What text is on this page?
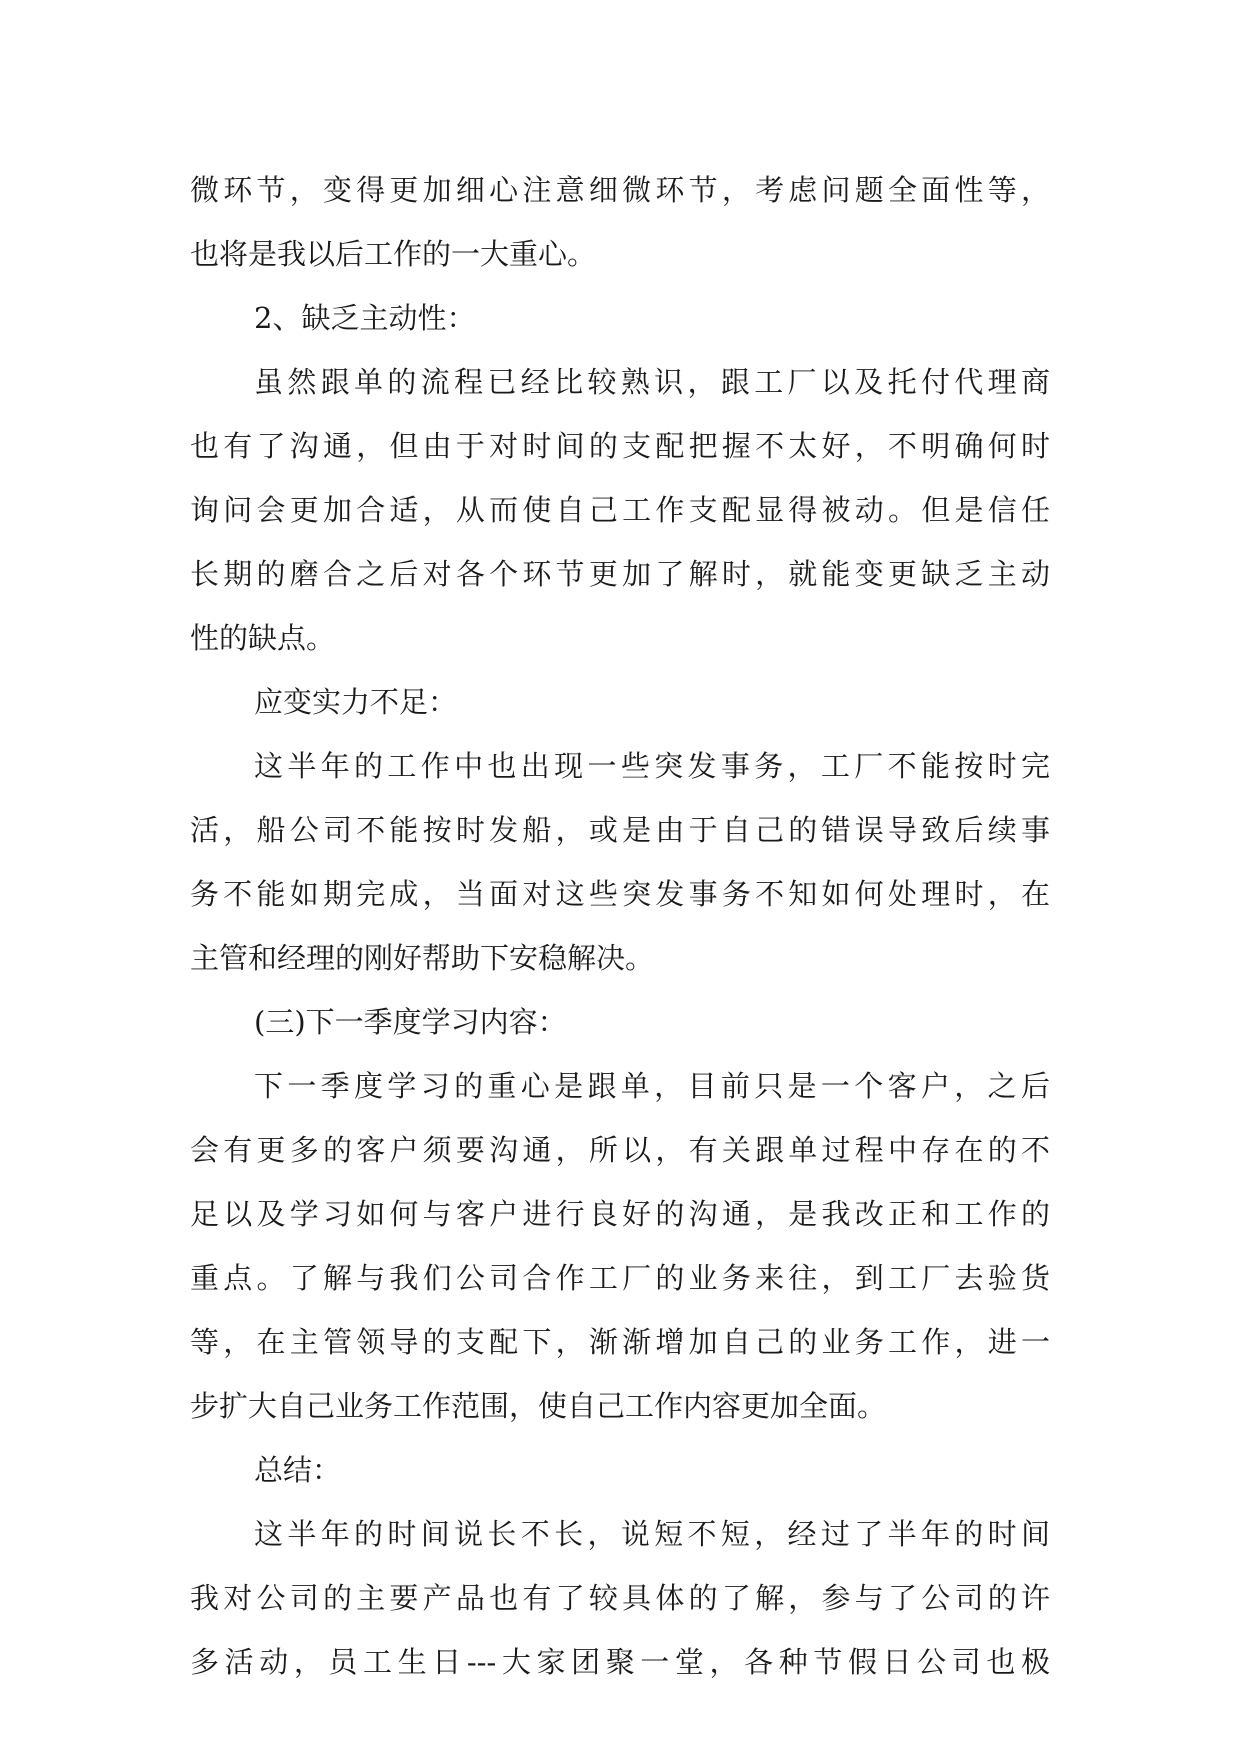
微环节，变得更加细心注意细微环节，考虑问题全面性等，
也将是我以后工作的一大重心。
2、缺乏主动性：
虽然跟单的流程已经比较熟识，跟工厂以及托付代理商
也有了沟通，但由于对时间的支配把握不太好，不明确何时
询问会更加合适，从而使自己工作支配显得被动。但是信任
长期的磨合之后对各个环节更加了解时，就能变更缺乏主动
性的缺点。
应变实力不足：
这半年的工作中也出现一些突发事务，工厂不能按时完
活，船公司不能按时发船，或是由于自己的错误导致后续事
务不能如期完成，当面对这些突发事务不知如何处理时，在
主管和经理的刚好帮助下安稳解决。
(三)下一季度学习内容：
下一季度学习的重心是跟单，目前只是一个客户，之后
会有更多的客户须要沟通，所以，有关跟单过程中存在的不
足以及学习如何与客户进行良好的沟通，是我改正和工作的
重点。了解与我们公司合作工厂的业务来往，到工厂去验货
等，在主管领导的支配下，渐渐增加自己的业务工作，进一
步扩大自己业务工作范围，使自己工作内容更加全面。
总结：
这半年的时间说长不长，说短不短，经过了半年的时间
我对公司的主要产品也有了较具体的了解，参与了公司的许
多活动，员工生日---大家团聚一堂，各种节假日公司也极
